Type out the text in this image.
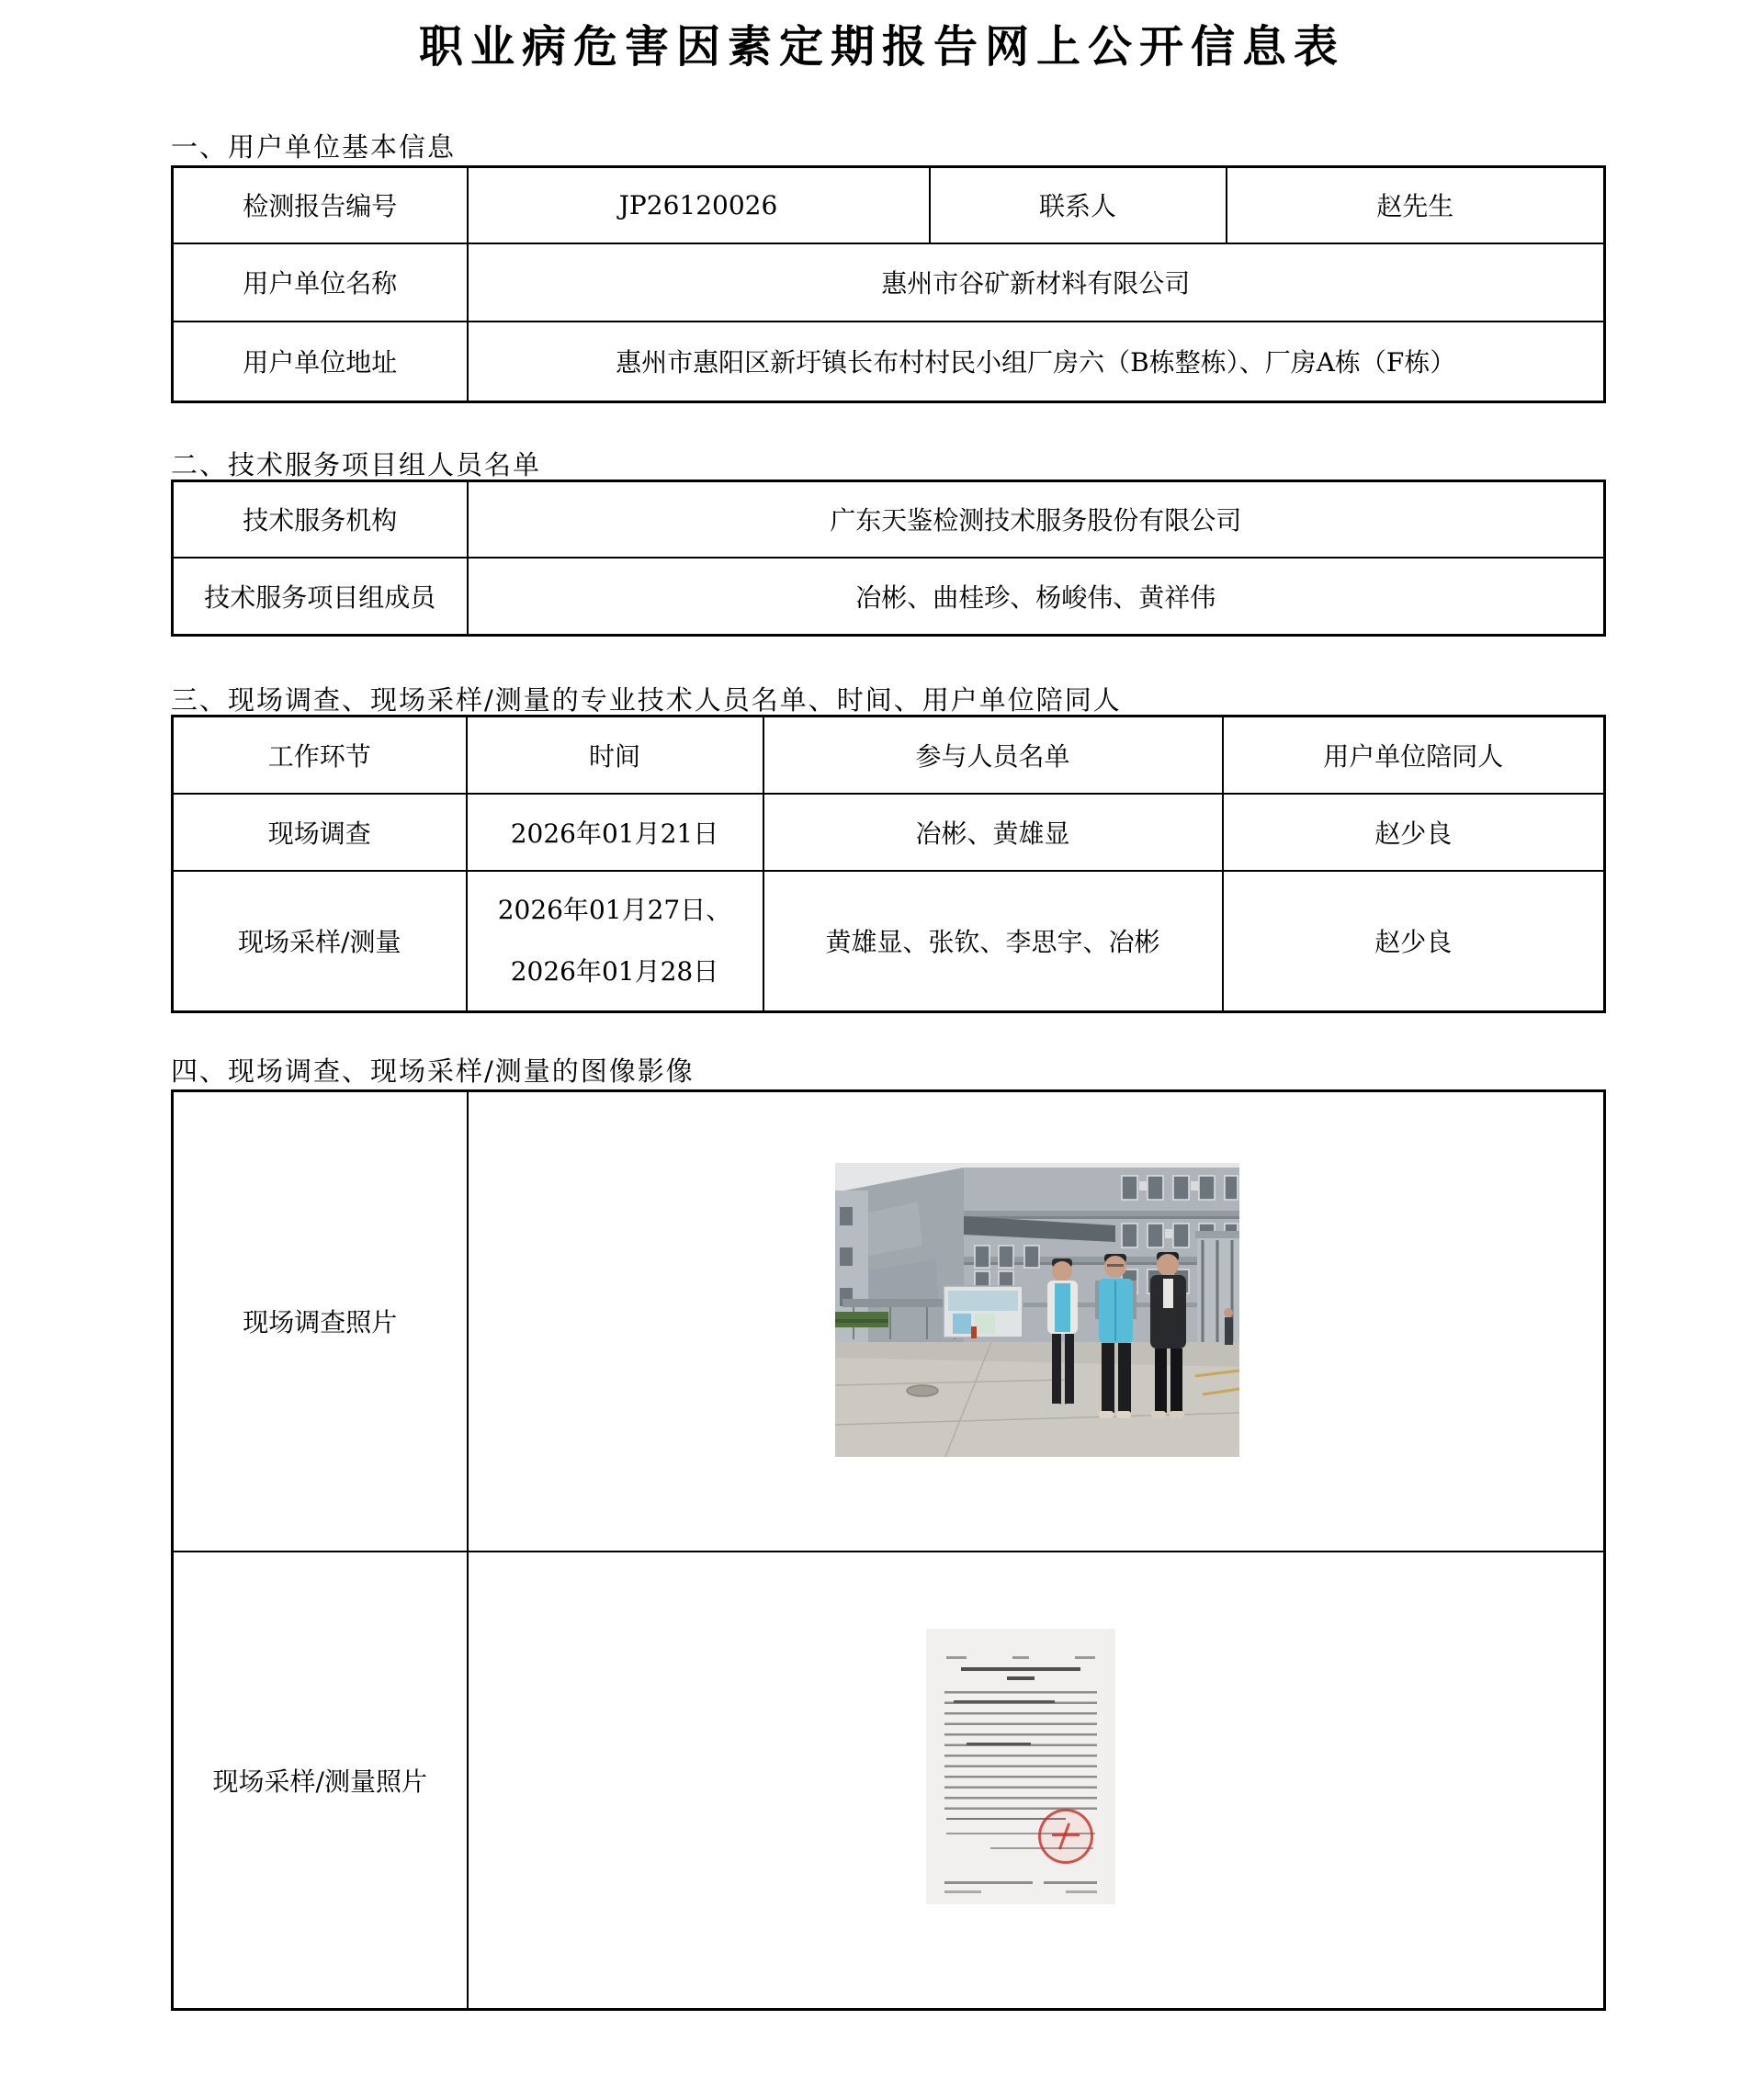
职业病危害因素定期报告网上公开信息表
一、用户单位基本信息
检测报告编号	JP26120026	联系人	赵先生
用户单位名称	惠州市谷矿新材料有限公司		
用户单位地址	惠州市惠阳区新圩镇长布村村民小组厂房六（B栋整栋）、厂房A栋（F栋）		
二、技术服务项目组人员名单
技术服务机构	广东天鉴检测技术服务股份有限公司
技术服务项目组成员	冶彬、曲桂珍、杨峻伟、黄祥伟
三、现场调查、现场采样/测量的专业技术人员名单、时间、用户单位陪同人
工作环节	时间	参与人员名单	用户单位陪同人
现场调查	2026年01月21日	冶彬、黄雄显	赵少良
现场采样/测量	2026年01月27日、
2026年01月28日	黄雄显、张钦、李思宇、冶彬	赵少良
四、现场调查、现场采样/测量的图像影像
现场调查照片	

现场采样/测量照片	
